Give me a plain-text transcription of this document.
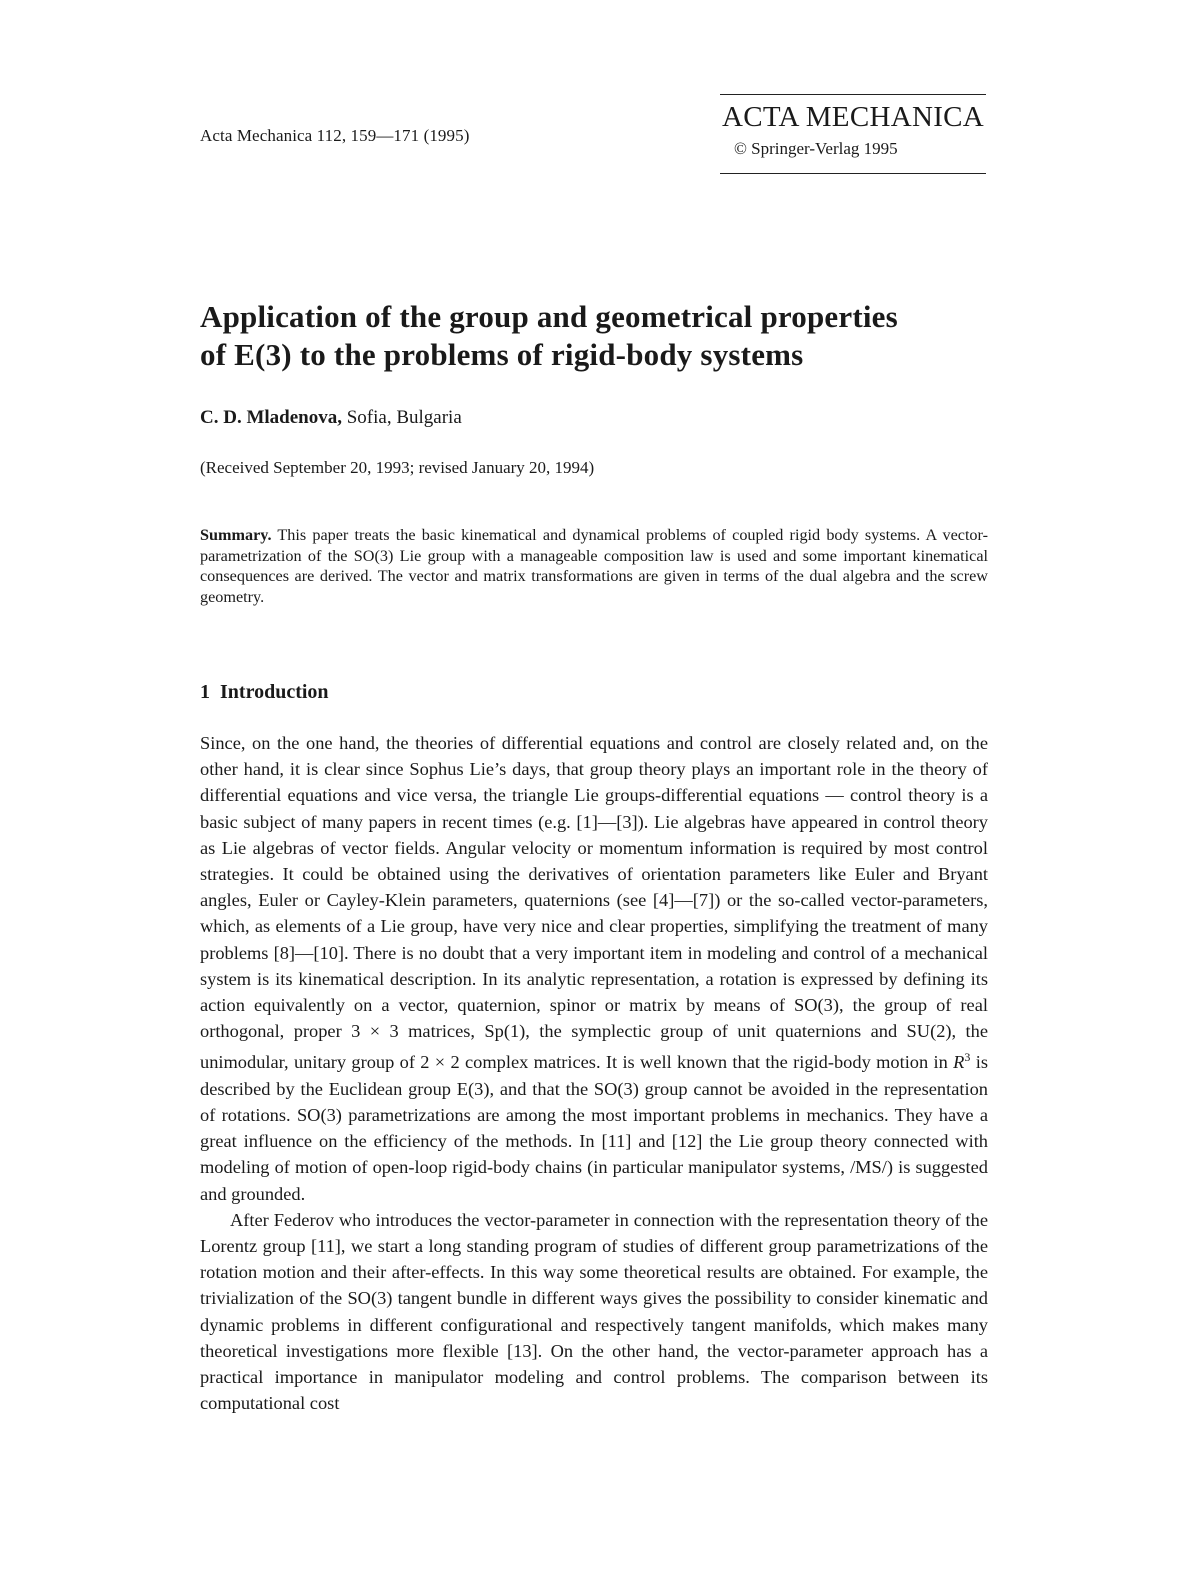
Acta Mechanica 112, 159—171 (1995)
ACTA MECHANICA
© Springer-Verlag 1995
Application of the group and geometrical properties
of E(3) to the problems of rigid-body systems
C. D. Mladenova, Sofia, Bulgaria
(Received September 20, 1993; revised January 20, 1994)
Summary. This paper treats the basic kinematical and dynamical problems of coupled rigid body systems. A vector-parametrization of the SO(3) Lie group with a manageable composition law is used and some important kinematical consequences are derived. The vector and matrix transformations are given in terms of the dual algebra and the screw geometry.
1 Introduction

Since, on the one hand, the theories of differential equations and control are closely related and, on the other hand, it is clear since Sophus Lie’s days, that group theory plays an important role in the theory of differential equations and vice versa, the triangle Lie groups-differential equations — control theory is a basic subject of many papers in recent times (e.g. [1]—[3]). Lie algebras have appeared in control theory as Lie algebras of vector fields. Angular velocity or momentum information is required by most control strategies. It could be obtained using the derivatives of orientation parameters like Euler and Bryant angles, Euler or Cayley-Klein parameters, quaternions (see [4]—[7]) or the so-called vector-parameters, which, as elements of a Lie group, have very nice and clear properties, simplifying the treatment of many problems [8]—[10]. There is no doubt that a very important item in modeling and control of a mechanical system is its kinematical description. In its analytic representation, a rotation is expressed by defining its action equivalently on a vector, quaternion, spinor or matrix by means of SO(3), the group of real orthogonal, proper 3 × 3 matrices, Sp(1), the symplectic group of unit quaternions and SU(2), the unimodular, unitary group of 2 × 2 complex matrices. It is well known that the rigid-body motion in $R^3$ is described by the Euclidean group E(3), and that the SO(3) group cannot be avoided in the representation of rotations. SO(3) parametrizations are among the most important problems in mechanics. They have a great influence on the efficiency of the methods. In [11] and [12] the Lie group theory connected with modeling of motion of open-loop rigid-body chains (in particular manipulator systems, /MS/) is suggested and grounded.

After Federov who introduces the vector-parameter in connection with the representation theory of the Lorentz group [11], we start a long standing program of studies of different group parametrizations of the rotation motion and their after-effects. In this way some theoretical results are obtained. For example, the trivialization of the SO(3) tangent bundle in different ways gives the possibility to consider kinematic and dynamic problems in different configurational and respectively tangent manifolds, which makes many theoretical investigations more flexible [13]. On the other hand, the vector-parameter approach has a practical importance in manipulator modeling and control problems. The comparison between its computational cost
